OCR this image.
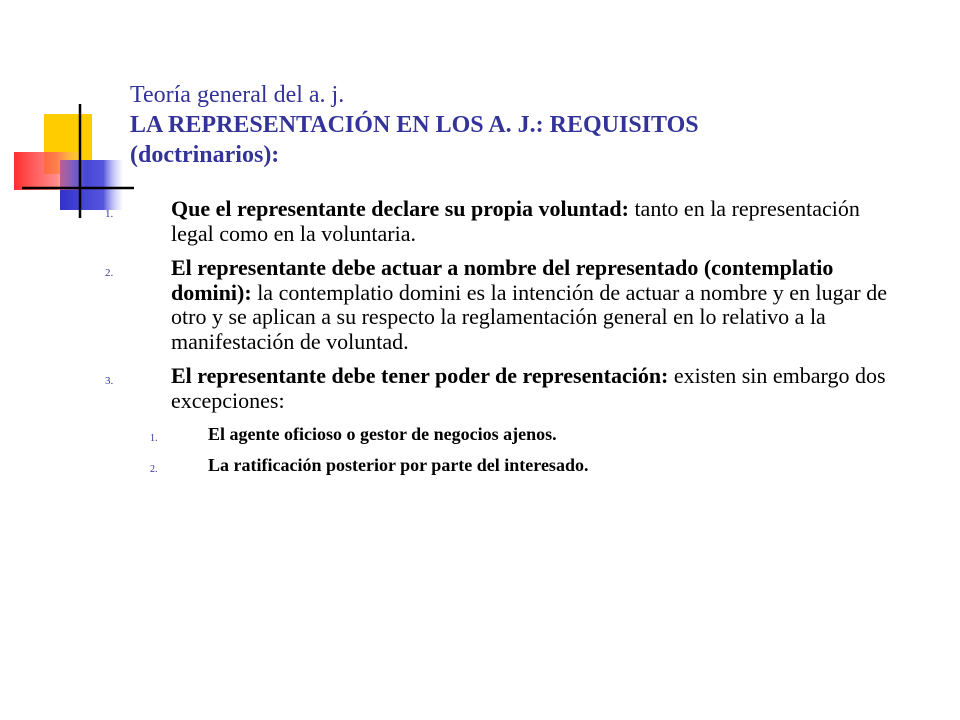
Teoría general del a. j.
LA REPRESENTACIÓN EN LOS A. J.: REQUISITOS
(doctrinarios):
1.	Que el representante declare su propia voluntad: tanto en la representación legal como en la voluntaria.
2.	El representante debe actuar a nombre del representado (contemplatio domini): la contemplatio domini es la intención de actuar a nombre y en lugar de otro y se aplican a su respecto la reglamentación general en lo relativo a la manifestación de voluntad.
3.	El representante debe tener poder de representación: existen sin embargo dos excepciones:
1.	El agente oficioso o gestor de negocios ajenos.
2.	La ratificación posterior por parte del interesado.
